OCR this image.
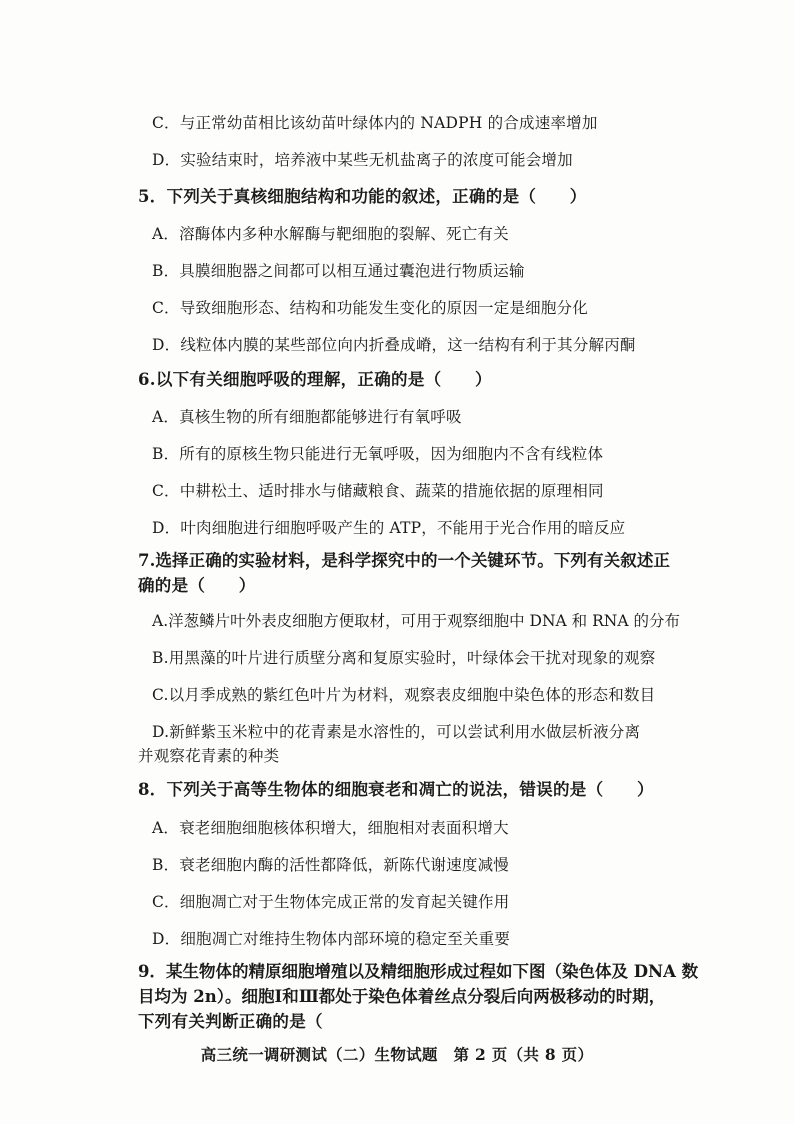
C．与正常幼苗相比该幼苗叶绿体内的 NADPH 的合成速率增加
D．实验结束时，培养液中某些无机盐离子的浓度可能会增加
5．下列关于真核细胞结构和功能的叙述，正确的是（　　）
A．溶酶体内多种水解酶与靶细胞的裂解、死亡有关
B．具膜细胞器之间都可以相互通过囊泡进行物质运输
C．导致细胞形态、结构和功能发生变化的原因一定是细胞分化
D．线粒体内膜的某些部位向内折叠成嵴，这一结构有利于其分解丙酮
6.以下有关细胞呼吸的理解，正确的是（　　）
A．真核生物的所有细胞都能够进行有氧呼吸
B．所有的原核生物只能进行无氧呼吸，因为细胞内不含有线粒体
C．中耕松土、适时排水与储藏粮食、蔬菜的措施依据的原理相同
D．叶肉细胞进行细胞呼吸产生的 ATP，不能用于光合作用的暗反应
7.选择正确的实验材料，是科学探究中的一个关键环节。下列有关叙述正
确的是（　　）
A.洋葱鳞片叶外表皮细胞方便取材，可用于观察细胞中 DNA 和 RNA 的分布
B.用黑藻的叶片进行质壁分离和复原实验时，叶绿体会干扰对现象的观察
C.以月季成熟的紫红色叶片为材料，观察表皮细胞中染色体的形态和数目
D.新鲜紫玉米粒中的花青素是水溶性的，可以尝试利用水做层析液分离
并观察花青素的种类
8．下列关于高等生物体的细胞衰老和凋亡的说法，错误的是（　　）
A．衰老细胞细胞核体积增大，细胞相对表面积增大
B．衰老细胞内酶的活性都降低，新陈代谢速度减慢
C．细胞凋亡对于生物体完成正常的发育起关键作用
D．细胞凋亡对维持生物体内部环境的稳定至关重要
9．某生物体的精原细胞增殖以及精细胞形成过程如下图（染色体及 DNA 数
目均为 2n）。细胞Ⅰ和Ⅲ都处于染色体着丝点分裂后向两极移动的时期，
下列有关判断正确的是（
高三统一调研测试（二）生物试题　第 2 页（共 8 页）
